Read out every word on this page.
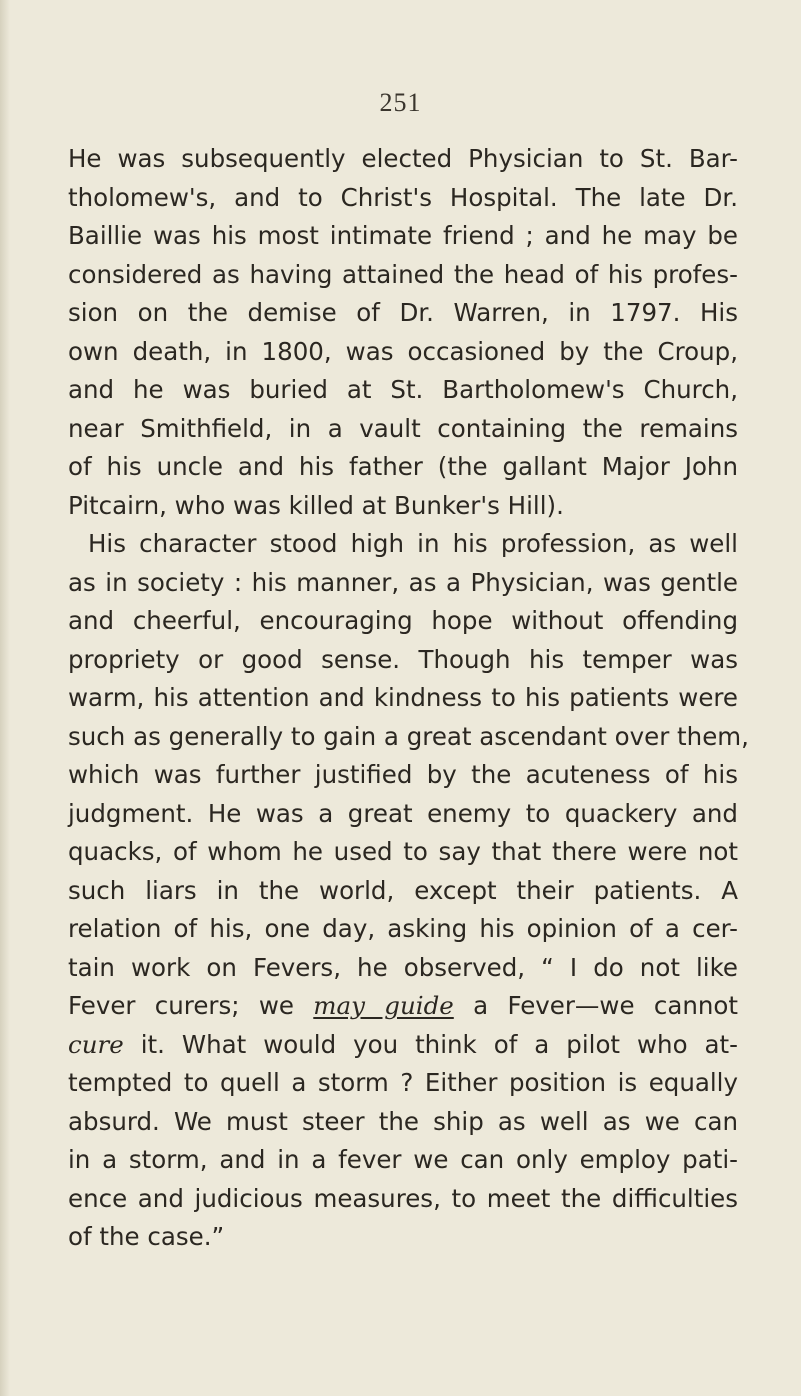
251
He was subsequently elected Physician to St. Bar-
tholomew's, and to Christ's Hospital. The late Dr.
Baillie was his most intimate friend ; and he may be
considered as having attained the head of his profes-
sion on the demise of Dr. Warren, in 1797. His
own death, in 1800, was occasioned by the Croup,
and he was buried at St. Bartholomew's Church,
near Smithfield, in a vault containing the remains
of his uncle and his father (the gallant Major John
Pitcairn, who was killed at Bunker's Hill).
His character stood high in his profession, as well
as in society : his manner, as a Physician, was gentle
and cheerful, encouraging hope without offending
propriety or good sense. Though his temper was
warm, his attention and kindness to his patients were
such as generally to gain a great ascendant over them,
which was further justified by the acuteness of his
judgment. He was a great enemy to quackery and
quacks, of whom he used to say that there were not
such liars in the world, except their patients. A
relation of his, one day, asking his opinion of a cer-
tain work on Fevers, he observed, “ I do not like
Fever curers; we may guide a Fever—we cannot
cure it. What would you think of a pilot who at-
tempted to quell a storm ? Either position is equally
absurd. We must steer the ship as well as we can
in a storm, and in a fever we can only employ pati-
ence and judicious measures, to meet the difficulties
of the case.”
